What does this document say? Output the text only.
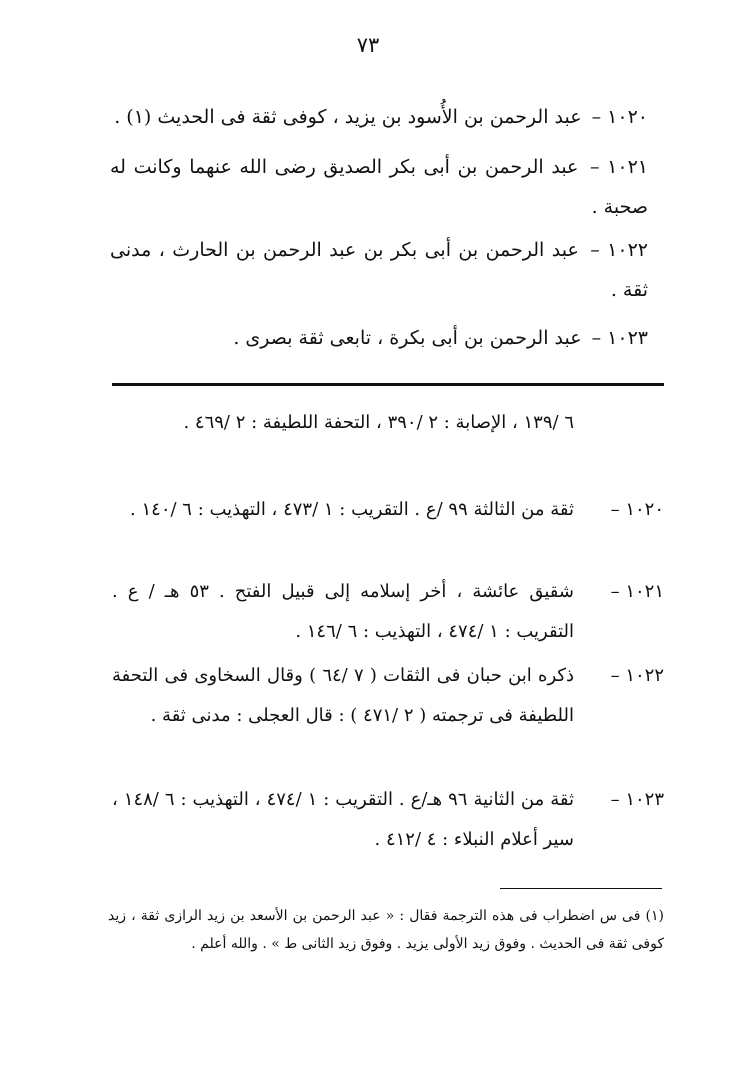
٧٣
١٠٢٠ – عبد الرحمن بن الأُسود بن يزيد ، كوفى ثقة فى الحديث (١) .
١٠٢١ – عبد الرحمن بن أبى بكر الصديق رضى الله عنهما وكانت له صحبة .
١٠٢٢ – عبد الرحمن بن أبى بكر بن عبد الرحمن بن الحارث ، مدنى ثقة .
١٠٢٣ – عبد الرحمن بن أبى بكرة ، تابعى ثقة بصرى .
٦ /١٣٩ ، الإصابة : ٢ /٣٩٠ ، التحفة اللطيفة : ٢ /٤٦٩ .
١٠٢٠ –
ثقة من الثالثة ٩٩ /ع . التقريب : ١ /٤٧٣ ، التهذيب : ٦ /١٤٠ .
١٠٢١ –
شقيق عائشة ، أخر إسلامه إلى قبيل الفتح . ٥٣ هـ / ع . التقريب : ١ /٤٧٤ ، التهذيب : ٦ /١٤٦ .
١٠٢٢ –
ذكره ابن حبان فى الثقات ( ٧ /٦٤ ) وقال السخاوى فى التحفة اللطيفة فى ترجمته ( ٢ /٤٧١ ) : قال العجلى : مدنى ثقة .
١٠٢٣ –
ثقة من الثانية ٩٦ هـ/ع . التقريب : ١ /٤٧٤ ، التهذيب : ٦ /١٤٨ ، سير أعلام النبلاء : ٤ /٤١٢ .
(١) فى س اضطراب فى هذه الترجمة فقال : « عبد الرحمن بن الأسعد بن زيد الرازى ثقة ، زيد كوفى ثقة فى الحديث . وفوق زيد الأولى يزيد . وفوق زيد الثانى ط » . والله أعلم .
